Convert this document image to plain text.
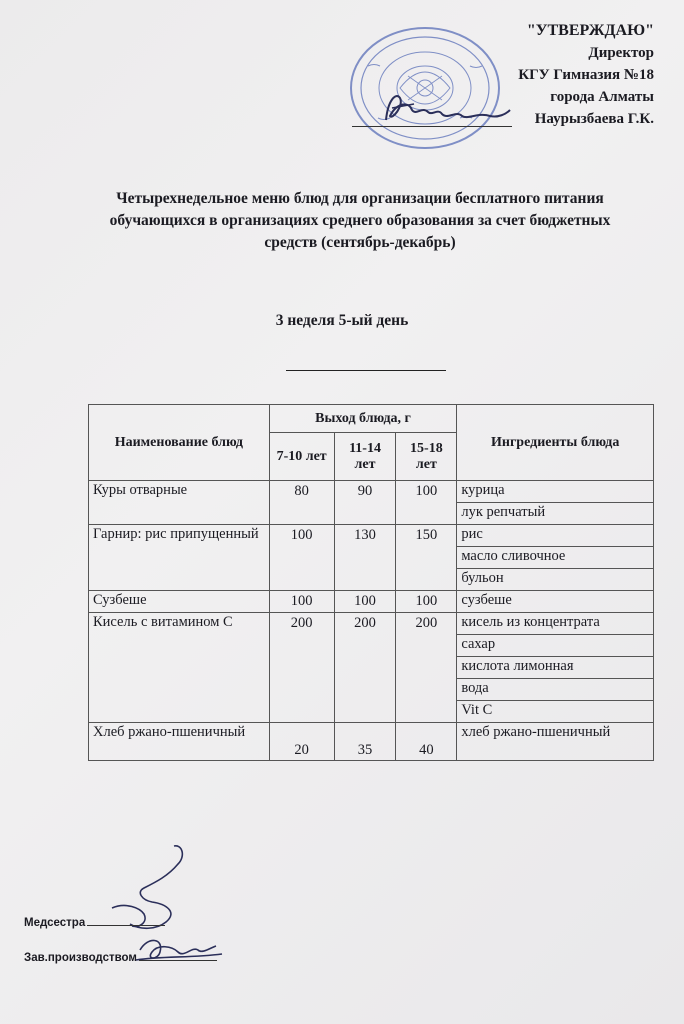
"УТВЕРЖДАЮ"
Директор
КГУ Гимназия №18
города Алматы
Наурызбаева Г.К.
Четырехнедельное меню блюд для организации бесплатного питания
обучающихся в организациях среднего образования за счет бюджетных
средств (сентябрь-декабрь)
3 неделя 5-ый день
Наименование блюд	Выход блюда, г			Ингредиенты блюда
	7-10 лет	11-14 лет	15-18 лет	
Куры отварные	80	90	100	курица
				лук репчатый
Гарнир: рис припущенный	100	130	150	рис
				масло сливочное
				бульон
Сузбеше	100	100	100	сузбеше
Кисель с витамином С	200	200	200	кисель из концентрата
				сахар
				кислота лимонная
				вода
				Vit C
Хлеб ржано-пшеничный	20	35	40	хлеб ржано-пшеничный
Медсестра
Зав.производством
